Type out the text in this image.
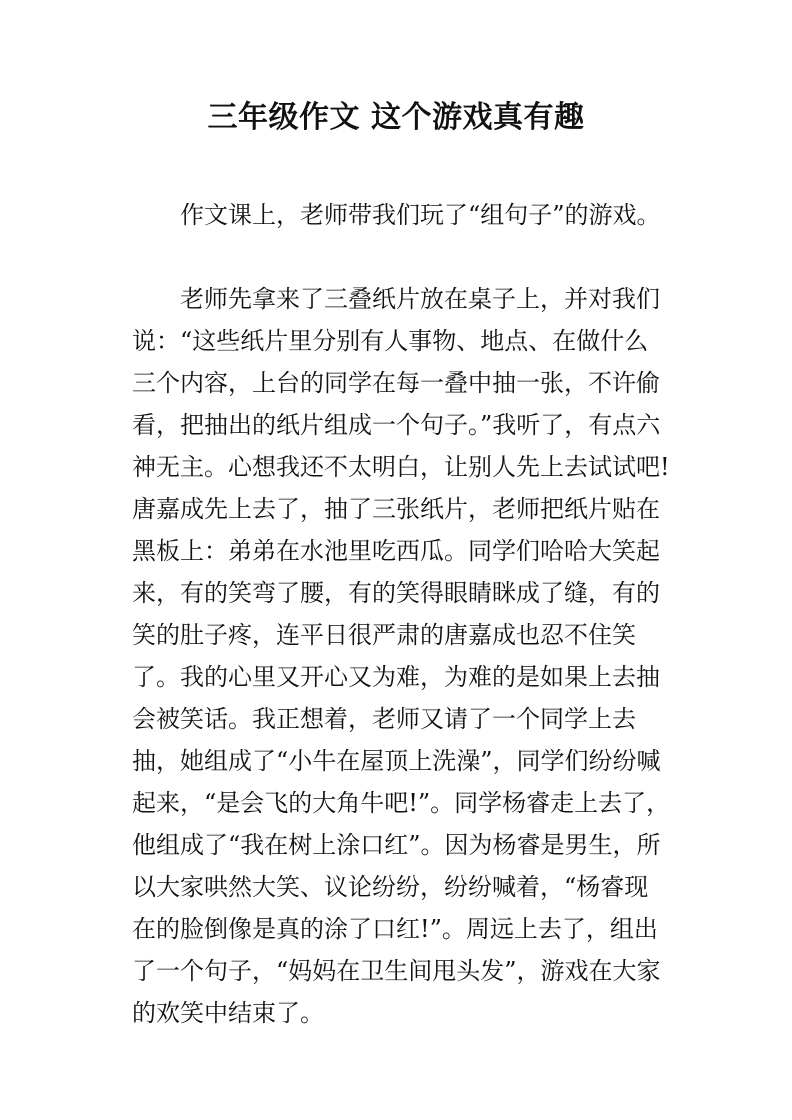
三年级作文 这个游戏真有趣

作文课上，老师带我们玩了“组句子”的游戏。

老师先拿来了三叠纸片放在桌子上，并对我们说：“这些纸片里分别有人事物、地点、在做什么三个内容，上台的同学在每一叠中抽一张，不许偷看，把抽出的纸片组成一个句子。”我听了，有点六神无主。心想我还不太明白，让别人先上去试试吧!唐嘉成先上去了，抽了三张纸片，老师把纸片贴在黑板上：弟弟在水池里吃西瓜。同学们哈哈大笑起来，有的笑弯了腰，有的笑得眼睛眯成了缝，有的笑的肚子疼，连平日很严肃的唐嘉成也忍不住笑了。我的心里又开心又为难，为难的是如果上去抽会被笑话。我正想着，老师又请了一个同学上去抽，她组成了“小牛在屋顶上洗澡”，同学们纷纷喊起来，“是会飞的大角牛吧!”。同学杨睿走上去了，他组成了“我在树上涂口红”。因为杨睿是男生，所以大家哄然大笑、议论纷纷，纷纷喊着，“杨睿现在的脸倒像是真的涂了口红!”。周远上去了，组出了一个句子，“妈妈在卫生间甩头发”，游戏在大家的欢笑中结束了。
